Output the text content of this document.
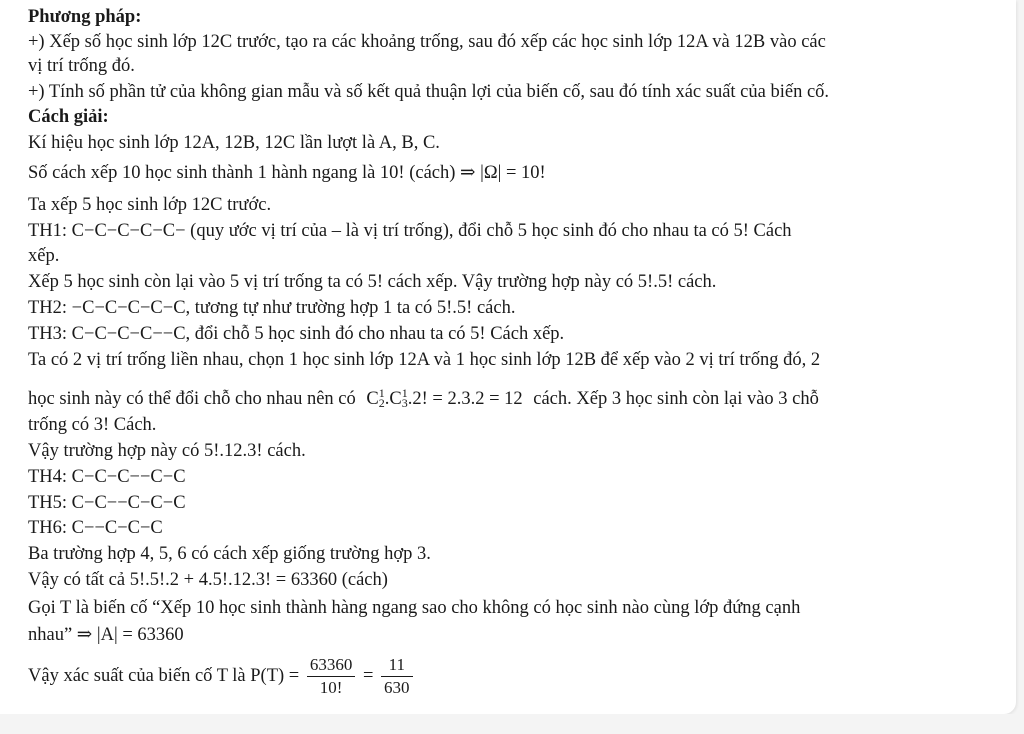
Phương pháp:
+) Xếp số học sinh lớp 12C trước, tạo ra các khoảng trống, sau đó xếp các học sinh lớp 12A và 12B vào các
vị trí trống đó.
+) Tính số phần tử của không gian mẫu và số kết quả thuận lợi của biến cố, sau đó tính xác suất của biến cố.
Cách giải:
Kí hiệu học sinh lớp 12A, 12B, 12C lần lượt là A, B, C.
Số cách xếp 10 học sinh thành 1 hành ngang là 10! (cách) ⇒ |Ω| = 10!
Ta xếp 5 học sinh lớp 12C trước.
TH1: C−C−C−C−C− (quy ước vị trí của – là vị trí trống), đổi chỗ 5 học sinh đó cho nhau ta có 5! Cách
xếp.
Xếp 5 học sinh còn lại vào 5 vị trí trống ta có 5! cách xếp. Vậy trường hợp này có 5!.5! cách.
TH2: −C−C−C−C−C, tương tự như trường hợp 1 ta có 5!.5! cách.
TH3: C−C−C−C−−C, đổi chỗ 5 học sinh đó cho nhau ta có 5! Cách xếp.
Ta có 2 vị trí trống liền nhau, chọn 1 học sinh lớp 12A và 1 học sinh lớp 12B để xếp vào 2 vị trí trống đó, 2
học sinh này có thể đổi chỗ cho nhau nên có $C_2^1.C_3^1.2$! = 2.3.2 = 12 cách. Xếp 3 học sinh còn lại vào 3 chỗ
trống có 3! Cách.
Vậy trường hợp này có 5!.12.3! cách.
TH4: C−C−C−−C−C
TH5: C−C−−C−C−C
TH6: C−−C−C−C
Ba trường hợp 4, 5, 6 có cách xếp giống trường hợp 3.
Vậy có tất cả 5!.5!.2 + 4.5!.12.3! = 63360 (cách)
Gọi T là biến cố “Xếp 10 học sinh thành hàng ngang sao cho không có học sinh nào cùng lớp đứng cạnh
nhau” ⇒ |A| = 63360
Vậy xác suất của biến cố T là $P(T) = \frac{63360}{10!} = \frac{11}{630}$
